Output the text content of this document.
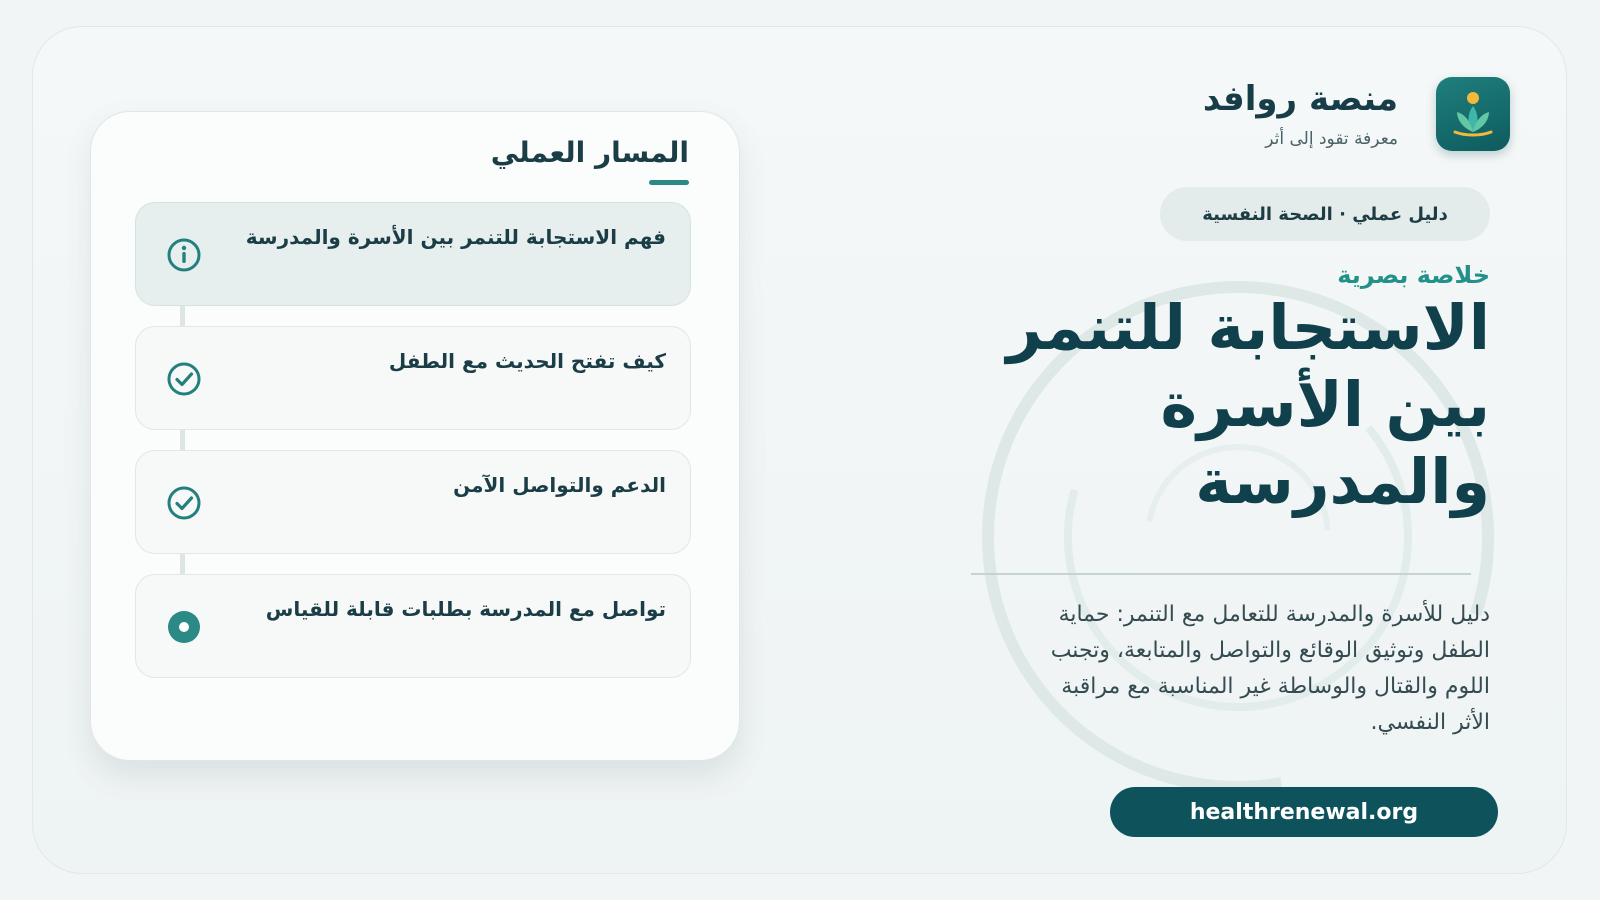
المسار العملي
فهم الاستجابة للتنمر بين الأسرة والمدرسة
كيف تفتح الحديث مع الطفل
الدعم والتواصل الآمن
تواصل مع المدرسة بطلبات قابلة للقياس
منصة روافد
معرفة تقود إلى أثر
دليل عملي · الصحة النفسية
خلاصة بصرية
الاستجابة للتنمر بين الأسرة والمدرسة
دليل للأسرة والمدرسة للتعامل مع التنمر: حماية الطفل وتوثيق الوقائع والتواصل والمتابعة، وتجنب اللوم والقتال والوساطة غير المناسبة مع مراقبة الأثر النفسي.
healthrenewal.org
